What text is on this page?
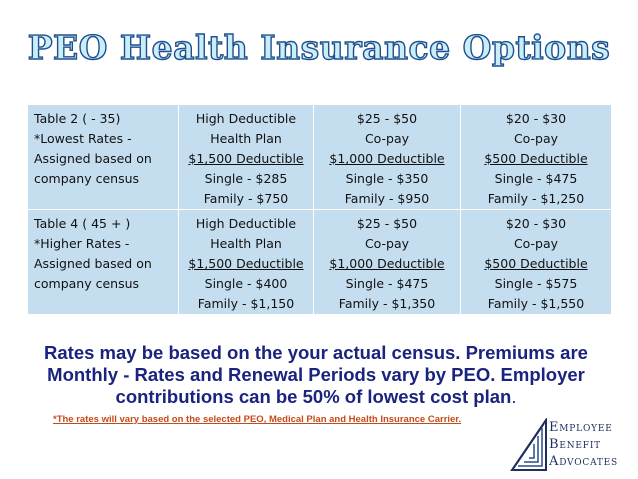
PEO Health Insurance Options
Table 2 ( - 35)
*Lowest Rates -
Assigned based on
company census	High Deductible
Health Plan
$1,500 Deductible
Single - $285
Family - $750	$25 - $50
Co-pay
$1,000 Deductible
Single - $350
Family - $950	$20 - $30
Co-pay
$500 Deductible
Single - $475
Family - $1,250

Table 4 ( 45 + )
*Higher Rates -
Assigned based on
company census	High Deductible
Health Plan
$1,500 Deductible
Single - $400
Family - $1,150	$25 - $50
Co-pay
$1,000 Deductible
Single - $475
Family - $1,350	$20 - $30
Co-pay
$500 Deductible
Single - $575
Family - $1,550
Rates may be based on the your actual census. Premiums are
Monthly - Rates and Renewal Periods vary by PEO. Employer
contributions can be 50% of lowest cost plan.
*The rates will vary based on the selected PEO, Medical Plan and Health Insurance Carrier.
EMPLOYEE
BENEFIT
ADVOCATES
